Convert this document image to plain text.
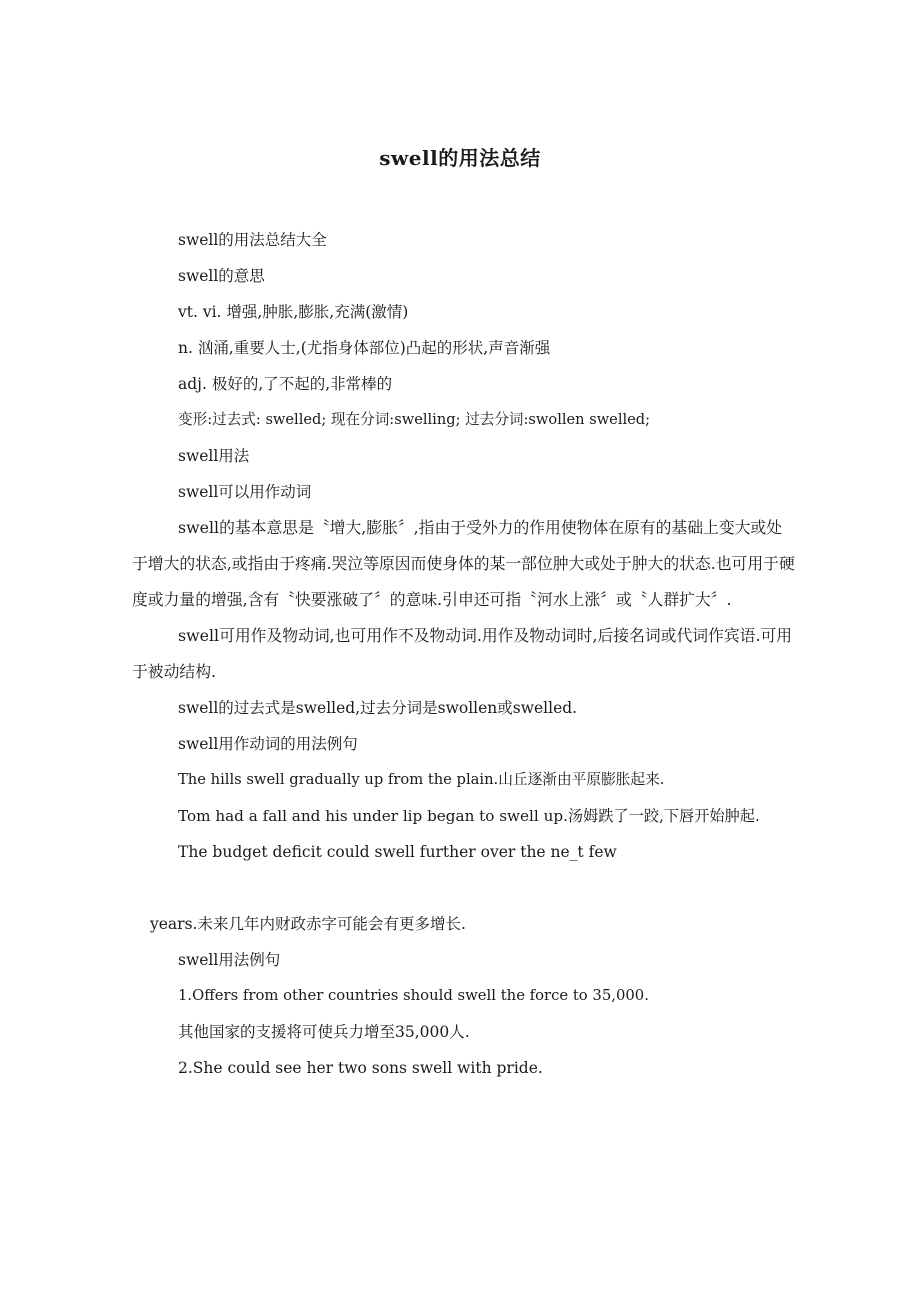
swell的用法总结

swell的用法总结大全

swell的意思

vt. vi. 增强,肿胀,膨胀,充满(激情)

n. 汹涌,重要人士,(尤指身体部位)凸起的形状,声音渐强

adj. 极好的,了不起的,非常棒的

变形:过去式: swelled; 现在分词:swelling; 过去分词:swollen swelled;

swell用法

swell可以用作动词

swell的基本意思是〝增大,膨胀〞,指由于受外力的作用使物体在原有的基础上变大或处于增大的状态,或指由于疼痛.哭泣等原因而使身体的某一部位肿大或处于肿大的状态.也可用于硬度或力量的增强,含有〝快要涨破了〞的意味.引申还可指〝河水上涨〞或〝人群扩大〞.

swell可用作及物动词,也可用作不及物动词.用作及物动词时,后接名词或代词作宾语.可用于被动结构.

swell的过去式是swelled,过去分词是swollen或swelled.

swell用作动词的用法例句

The hills swell gradually up from the plain.山丘逐渐由平原膨胀起来.

Tom had a fall and his under lip began to swell up.汤姆跌了一跤,下唇开始肿起.

The budget deficit could swell further over the ne_t few

years.未来几年内财政赤字可能会有更多增长.

swell用法例句

1.Offers from other countries should swell the force to 35,000.

其他国家的支援将可使兵力增至35,000人.

2.She could see her two sons swell with pride.
